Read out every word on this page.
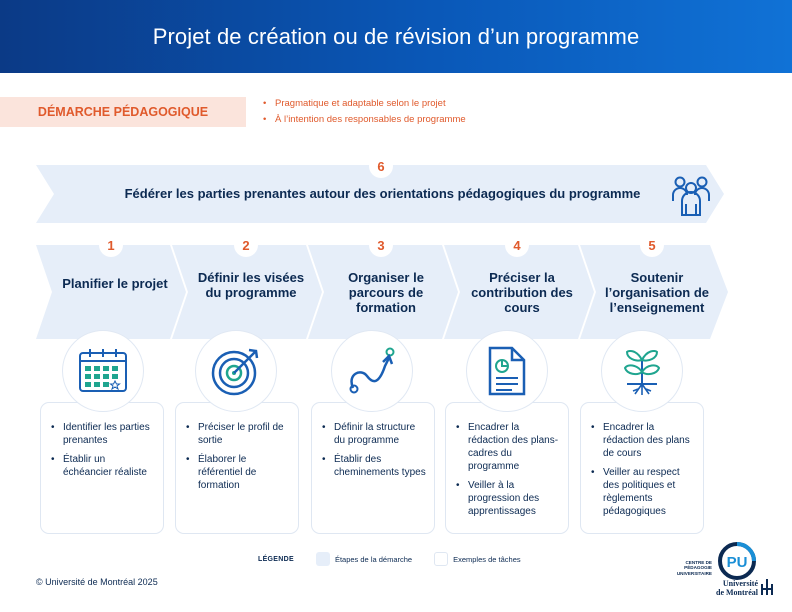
Projet de création ou de révision d’un programme
DÉMARCHE PÉDAGOGIQUE
• Pragmatique et adaptable selon le projet
• À l’intention des responsables de programme
6
Fédérer les parties prenantes autour des orientations pédagogiques du programme
1	2	3	4	5
Planifier le projet Définir les visées du programme
Organiser le parcours de formation
Préciser la contribution des cours
Soutenir l’organisation de l’enseignement
• Identifier les parties prenantes
• Établir un échéancier réaliste
• Préciser le profil de sortie
• Élaborer le référentiel de formation
• Définir la structure du programme
• Établir des cheminements types
• Encadrer la rédaction des plans-cadres du programme
• Veiller à la progression des apprentissages
• Encadrer la rédaction des plans de cours
• Veiller au respect des politiques et règlements pédagogiques
LÉGENDE	Étapes de la démarche	Exemples de tâches
© Université de Montréal 2025
CENTRE DE
PÉDAGOGIE
UNIVERSITAIRE
PU
Université
de Montréal
